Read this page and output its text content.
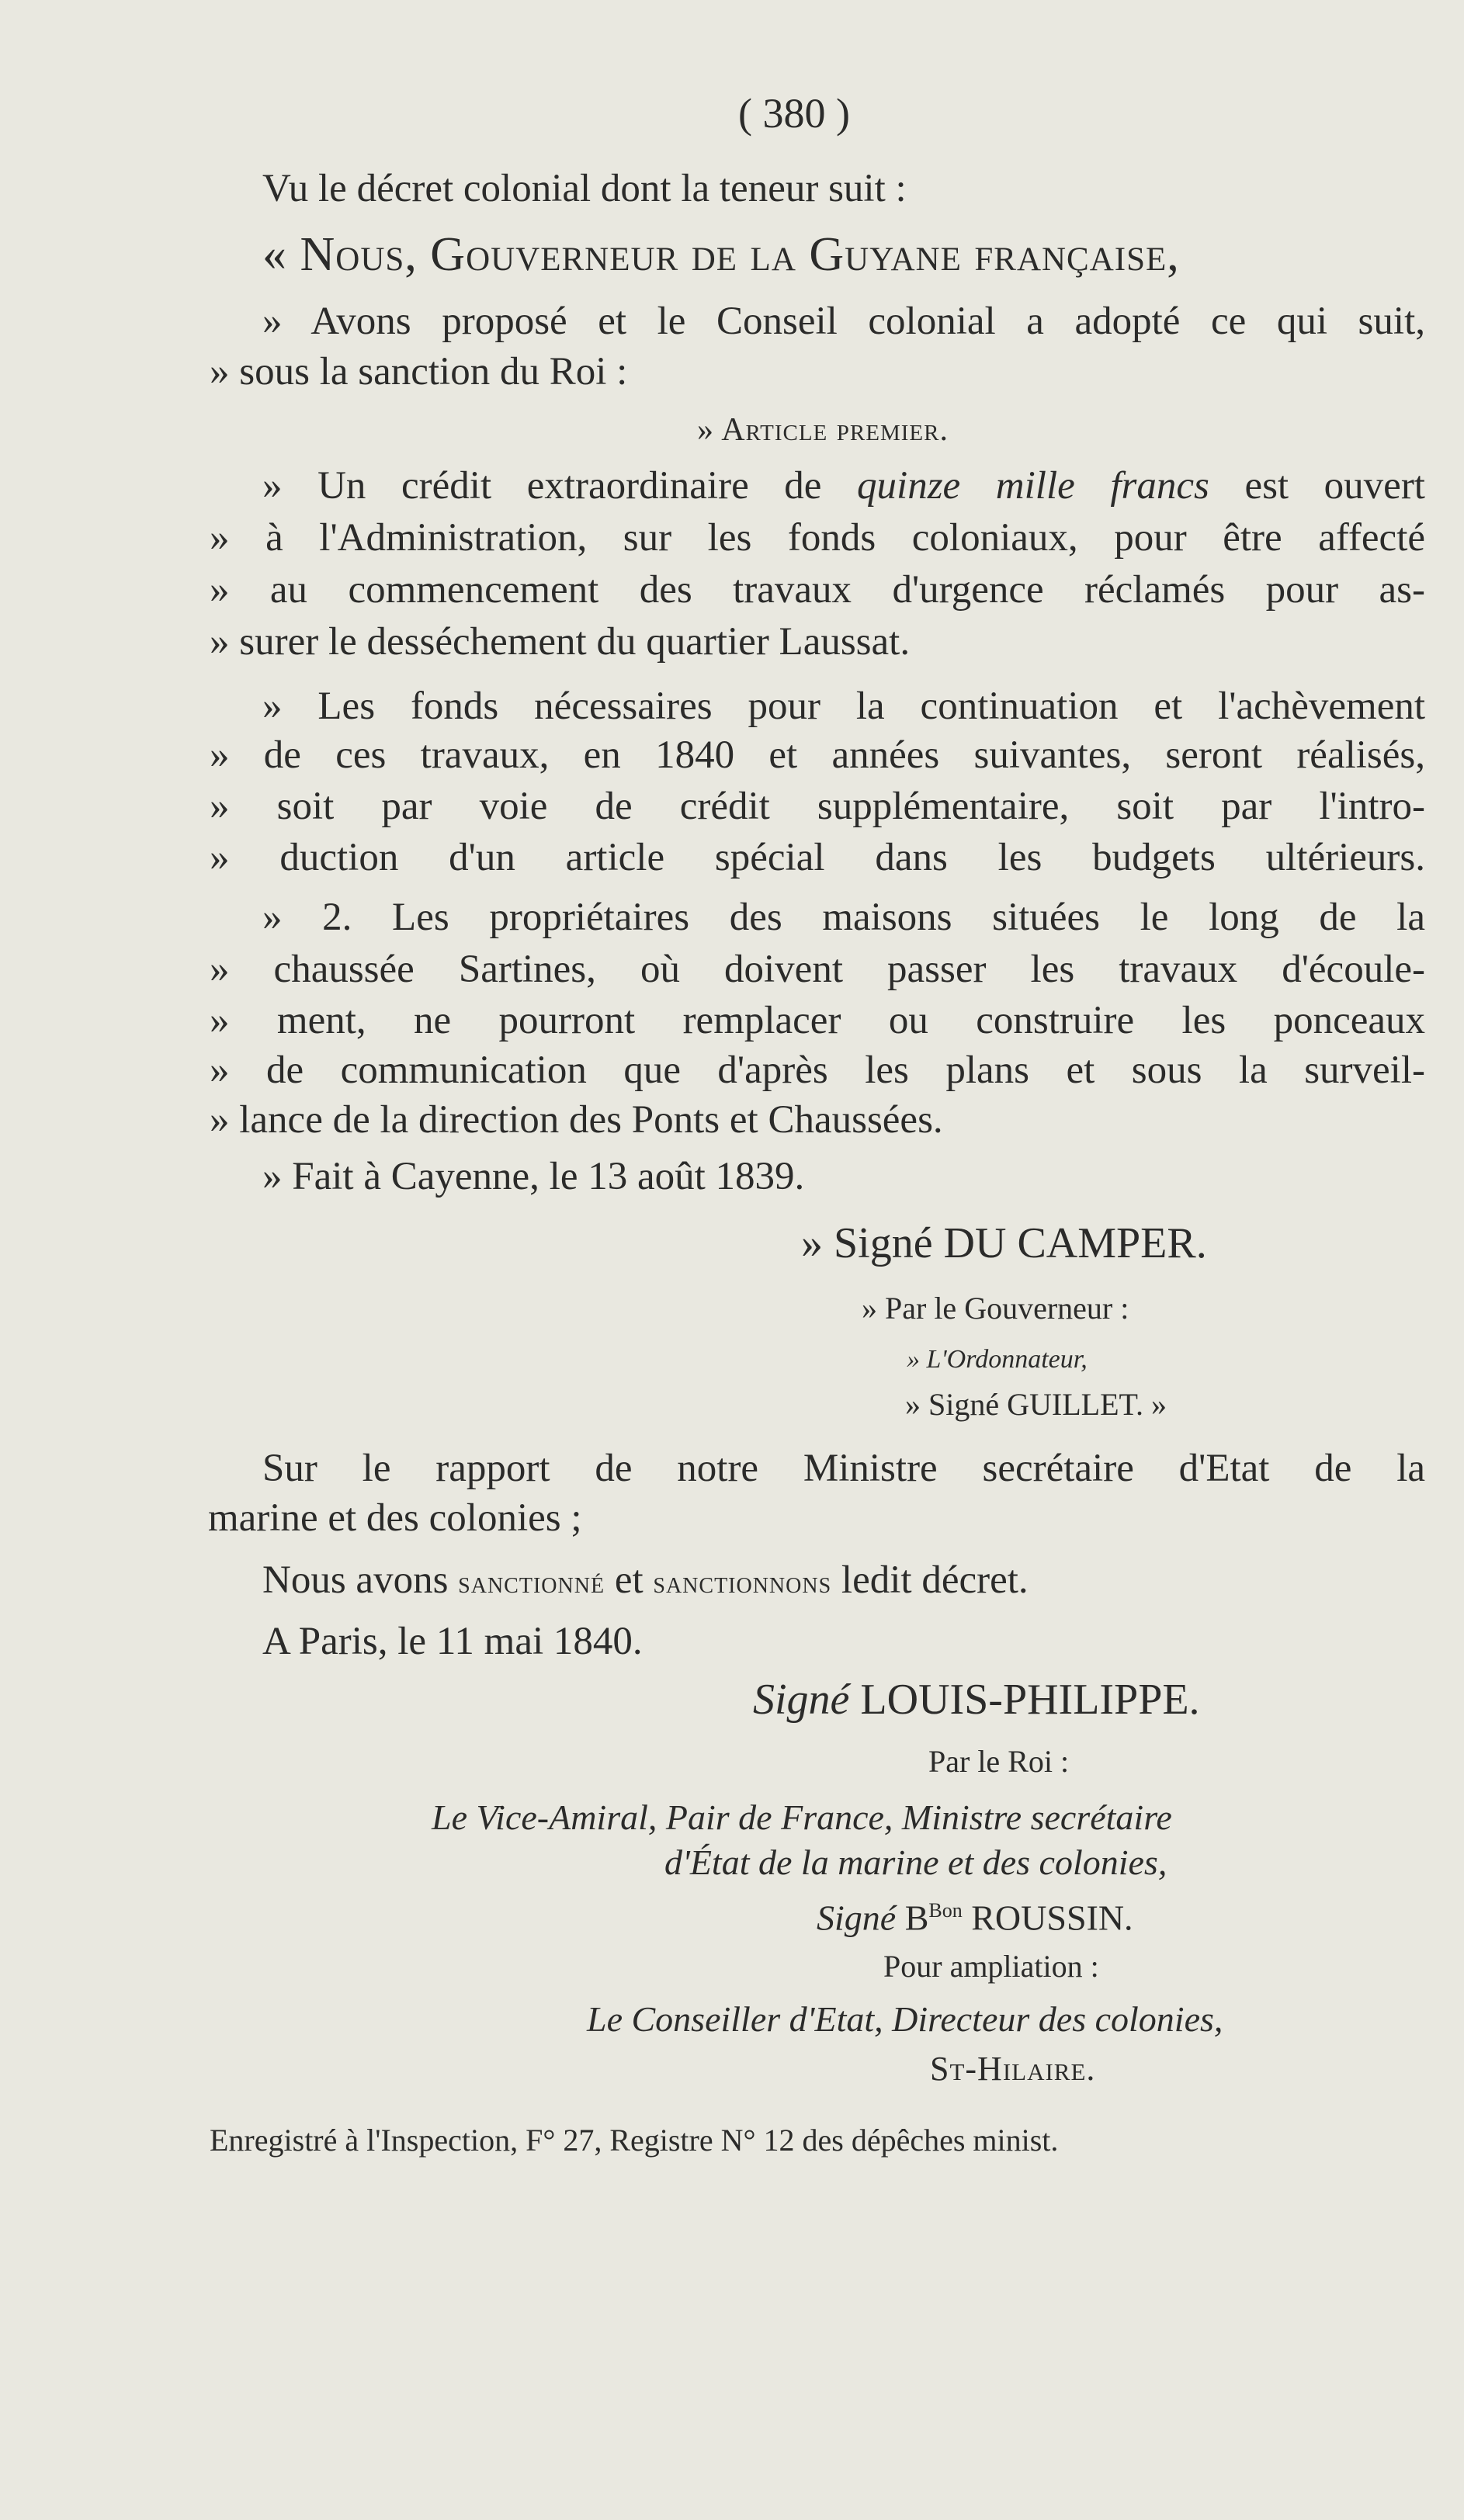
( 380 )
Vu le décret colonial dont la teneur suit :
« Nous, Gouverneur de la Guyane française,
» Avons proposé et le Conseil colonial a adopté ce qui suit,
» sous la sanction du Roi :
» Article premier.
» Un crédit extraordinaire de quinze mille francs est ouvert
» à l'Administration, sur les fonds coloniaux, pour être affecté
» au commencement des travaux d'urgence réclamés pour as-
» surer le desséchement du quartier Laussat.
» Les fonds nécessaires pour la continuation et l'achèvement
» de ces travaux, en 1840 et années suivantes, seront réalisés,
» soit par voie de crédit supplémentaire, soit par l'intro-
» duction d'un article spécial dans les budgets ultérieurs.
» 2. Les propriétaires des maisons situées le long de la
» chaussée Sartines, où doivent passer les travaux d'écoule-
» ment, ne pourront remplacer ou construire les ponceaux
» de communication que d'après les plans et sous la surveil-
» lance de la direction des Ponts et Chaussées.
» Fait à Cayenne, le 13 août 1839.
» Signé DU CAMPER.
» Par le Gouverneur :
» L'Ordonnateur,
» Signé GUILLET. »
Sur le rapport de notre Ministre secrétaire d'Etat de la
marine et des colonies ;
Nous avons sanctionné et sanctionnons ledit décret.
A Paris, le 11 mai 1840.
Signé LOUIS-PHILIPPE.
Par le Roi :
Le Vice-Amiral, Pair de France, Ministre secrétaire
d'État de la marine et des colonies,
Signé $B^{Bon}$ ROUSSIN.
Pour ampliation :
Le Conseiller d'Etat, Directeur des colonies,
St-Hilaire.
Enregistré à l'Inspection, F° 27, Registre N° 12 des dépêches minist.
